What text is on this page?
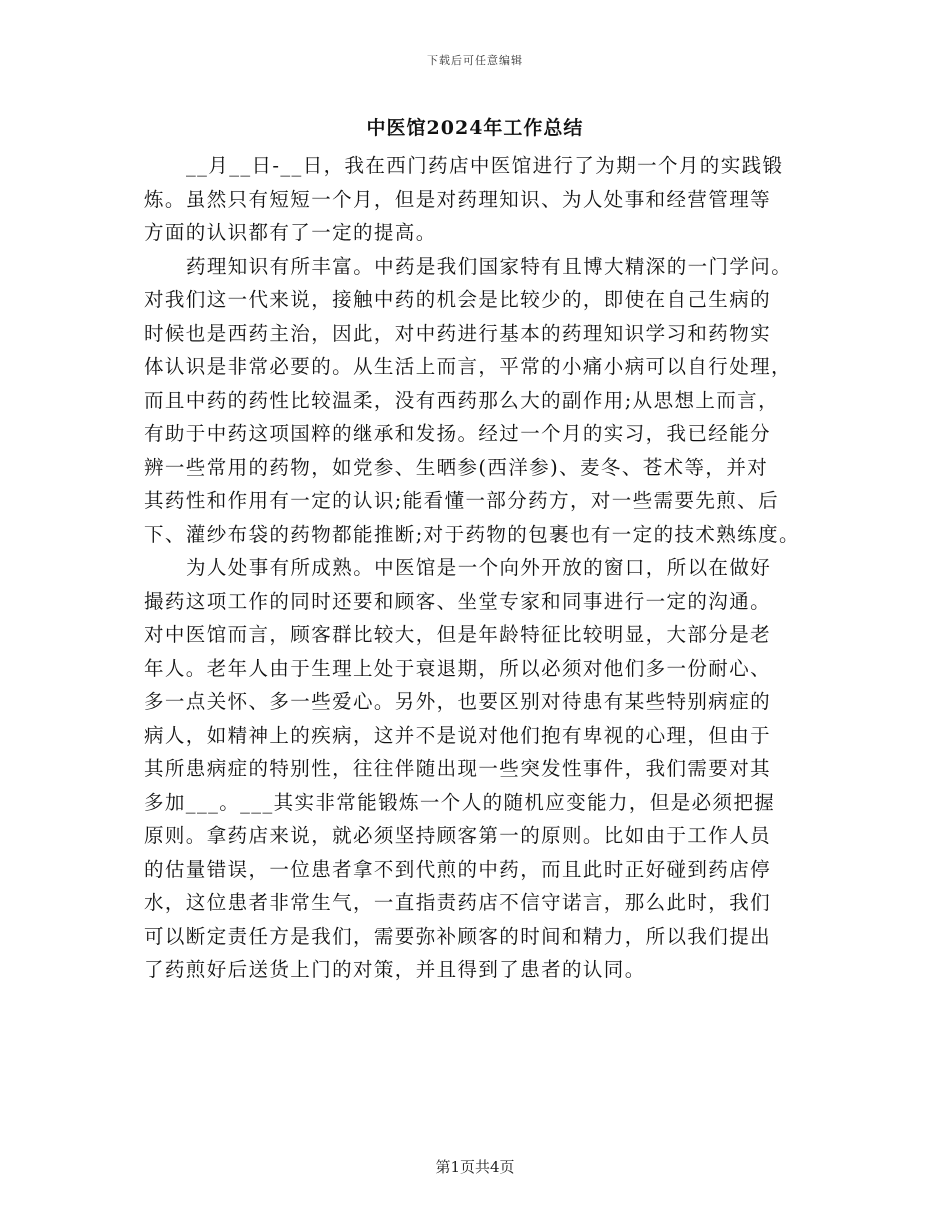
下载后可任意编辑
中医馆2024年工作总结
__月__日-__日，我在西门药店中医馆进行了为期一个月的实践锻
炼。虽然只有短短一个月，但是对药理知识、为人处事和经营管理等
方面的认识都有了一定的提高。
药理知识有所丰富。中药是我们国家特有且博大精深的一门学问。
对我们这一代来说，接触中药的机会是比较少的，即使在自己生病的
时候也是西药主治，因此，对中药进行基本的药理知识学习和药物实
体认识是非常必要的。从生活上而言，平常的小痛小病可以自行处理，
而且中药的药性比较温柔，没有西药那么大的副作用;从思想上而言，
有助于中药这项国粹的继承和发扬。经过一个月的实习，我已经能分
辨一些常用的药物，如党参、生晒参(西洋参)、麦冬、苍术等，并对
其药性和作用有一定的认识;能看懂一部分药方，对一些需要先煎、后
下、灌纱布袋的药物都能推断;对于药物的包裹也有一定的技术熟练度。
为人处事有所成熟。中医馆是一个向外开放的窗口，所以在做好
撮药这项工作的同时还要和顾客、坐堂专家和同事进行一定的沟通。
对中医馆而言，顾客群比较大，但是年龄特征比较明显，大部分是老
年人。老年人由于生理上处于衰退期，所以必须对他们多一份耐心、
多一点关怀、多一些爱心。另外，也要区别对待患有某些特别病症的
病人，如精神上的疾病，这并不是说对他们抱有卑视的心理，但由于
其所患病症的特别性，往往伴随出现一些突发性事件，我们需要对其
多加___。___其实非常能锻炼一个人的随机应变能力，但是必须把握
原则。拿药店来说，就必须坚持顾客第一的原则。比如由于工作人员
的估量错误，一位患者拿不到代煎的中药，而且此时正好碰到药店停
水，这位患者非常生气，一直指责药店不信守诺言，那么此时，我们
可以断定责任方是我们，需要弥补顾客的时间和精力，所以我们提出
了药煎好后送货上门的对策，并且得到了患者的认同。
第1页共4页
